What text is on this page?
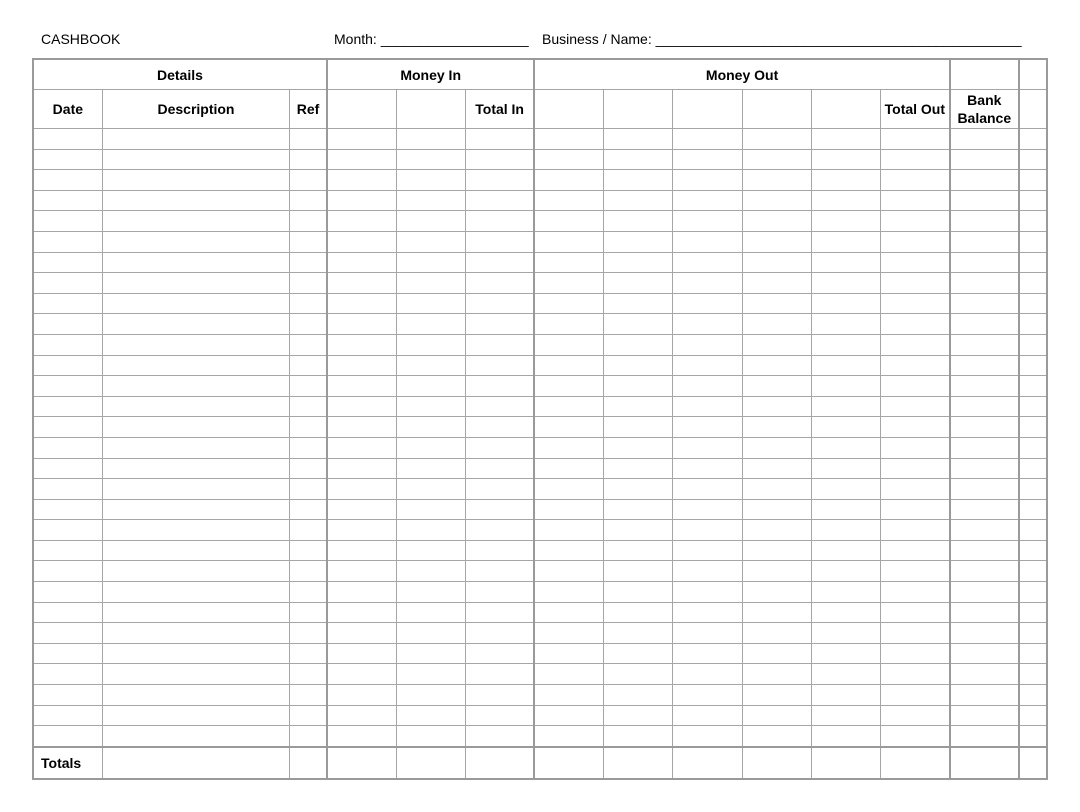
CASHBOOK	Month: ___________________ Business / Name: _______________________________________________
Details			Money In			Money Out							
Date	Description	Ref			Total In						Total Out	Bank Balance	

Totals													
